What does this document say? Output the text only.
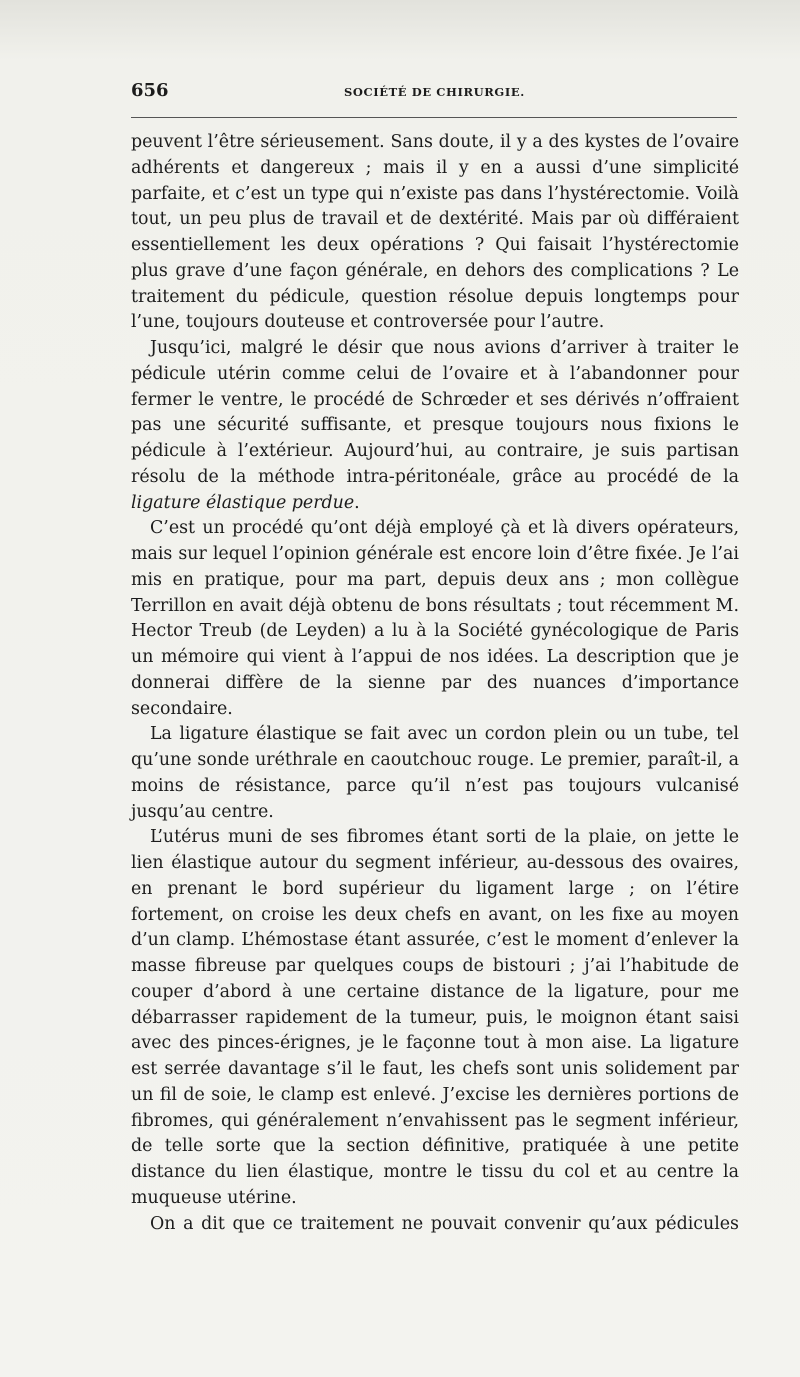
656	SOCIÉTÉ DE CHIRURGIE.

peuvent l’être sérieusement. Sans doute, il y a des kystes de l’ovaire adhérents et dangereux ; mais il y en a aussi d’une simplicité parfaite, et c’est un type qui n’existe pas dans l’hystérectomie. Voilà tout, un peu plus de travail et de dextérité. Mais par où différaient essentiellement les deux opérations ? Qui faisait l’hystérectomie plus grave d’une façon générale, en dehors des complications ? Le traitement du pédicule, question résolue depuis longtemps pour l’une, toujours douteuse et controversée pour l’autre.

Jusqu’ici, malgré le désir que nous avions d’arriver à traiter le pédicule utérin comme celui de l’ovaire et à l’abandonner pour fermer le ventre, le procédé de Schrœder et ses dérivés n’offraient pas une sécurité suffisante, et presque toujours nous fixions le pédicule à l’extérieur. Aujourd’hui, au contraire, je suis partisan résolu de la méthode intra-péritonéale, grâce au procédé de la ligature élastique perdue.

C’est un procédé qu’ont déjà employé çà et là divers opérateurs, mais sur lequel l’opinion générale est encore loin d’être fixée. Je l’ai mis en pratique, pour ma part, depuis deux ans ; mon collègue Terrillon en avait déjà obtenu de bons résultats ; tout récemment M. Hector Treub (de Leyden) a lu à la Société gynécologique de Paris un mémoire qui vient à l’appui de nos idées. La description que je donnerai diffère de la sienne par des nuances d’importance secondaire.

La ligature élastique se fait avec un cordon plein ou un tube, tel qu’une sonde uréthrale en caoutchouc rouge. Le premier, paraît-il, a moins de résistance, parce qu’il n’est pas toujours vulcanisé jusqu’au centre.

L’utérus muni de ses fibromes étant sorti de la plaie, on jette le lien élastique autour du segment inférieur, au-dessous des ovaires, en prenant le bord supérieur du ligament large ; on l’étire fortement, on croise les deux chefs en avant, on les fixe au moyen d’un clamp. L’hémostase étant assurée, c’est le moment d’enlever la masse fibreuse par quelques coups de bistouri ; j’ai l’habitude de couper d’abord à une certaine distance de la ligature, pour me débarrasser rapidement de la tumeur, puis, le moignon étant saisi avec des pinces-érignes, je le façonne tout à mon aise. La ligature est serrée davantage s’il le faut, les chefs sont unis solidement par un fil de soie, le clamp est enlevé. J’excise les dernières portions de fibromes, qui généralement n’envahissent pas le segment inférieur, de telle sorte que la section définitive, pratiquée à une petite distance du lien élastique, montre le tissu du col et au centre la muqueuse utérine.

On a dit que ce traitement ne pouvait convenir qu’aux pédicules
